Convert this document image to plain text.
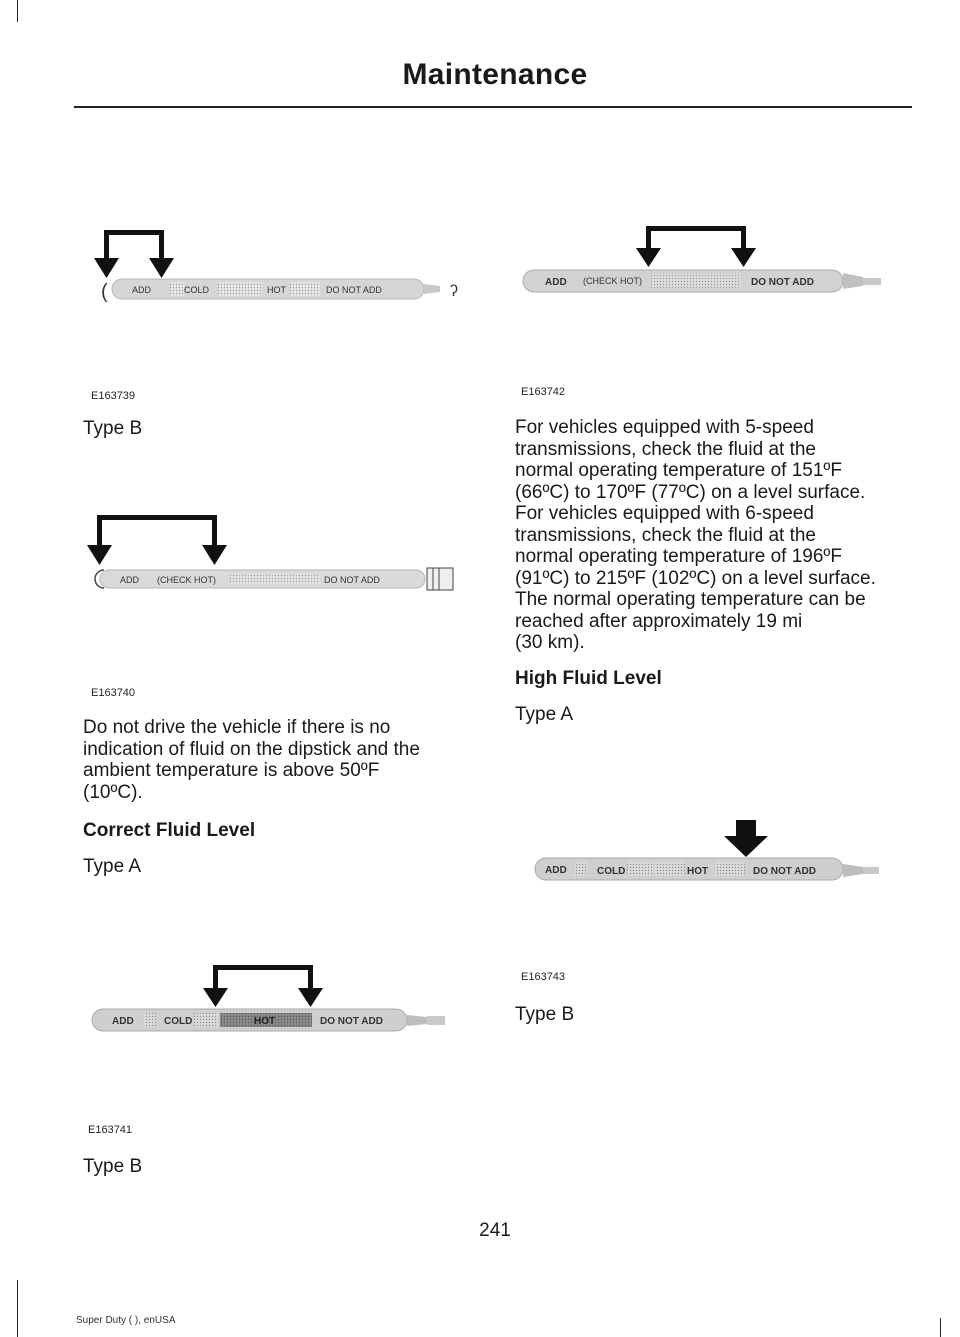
Maintenance
(	ADD	COLD	HOT	DO NOT ADD	ʔ
E163739
ADD (CHECK HOT)	DO NOT ADD
E163740
ADD	COLD	HOT	DO NOT ADD
E163741
ADD (CHECK HOT)	DO NOT ADD
E163742
ADD	COLD	HOT	DO NOT ADD
E163743
Type B
Do not drive the vehicle if there is no
indication of fluid on the dipstick and the
ambient temperature is above 50ºF
(10ºC).
Correct Fluid Level
Type A
Type B
For vehicles equipped with 5-speed
transmissions, check the fluid at the
normal operating temperature of 151ºF
(66ºC) to 170ºF (77ºC) on a level surface.
For vehicles equipped with 6-speed
transmissions, check the fluid at the
normal operating temperature of 196ºF
(91ºC) to 215ºF (102ºC) on a level surface.
The normal operating temperature can be
reached after approximately 19 mi
(30 km).
High Fluid Level
Type A
Type B
241
Super Duty ( ), enUSA
